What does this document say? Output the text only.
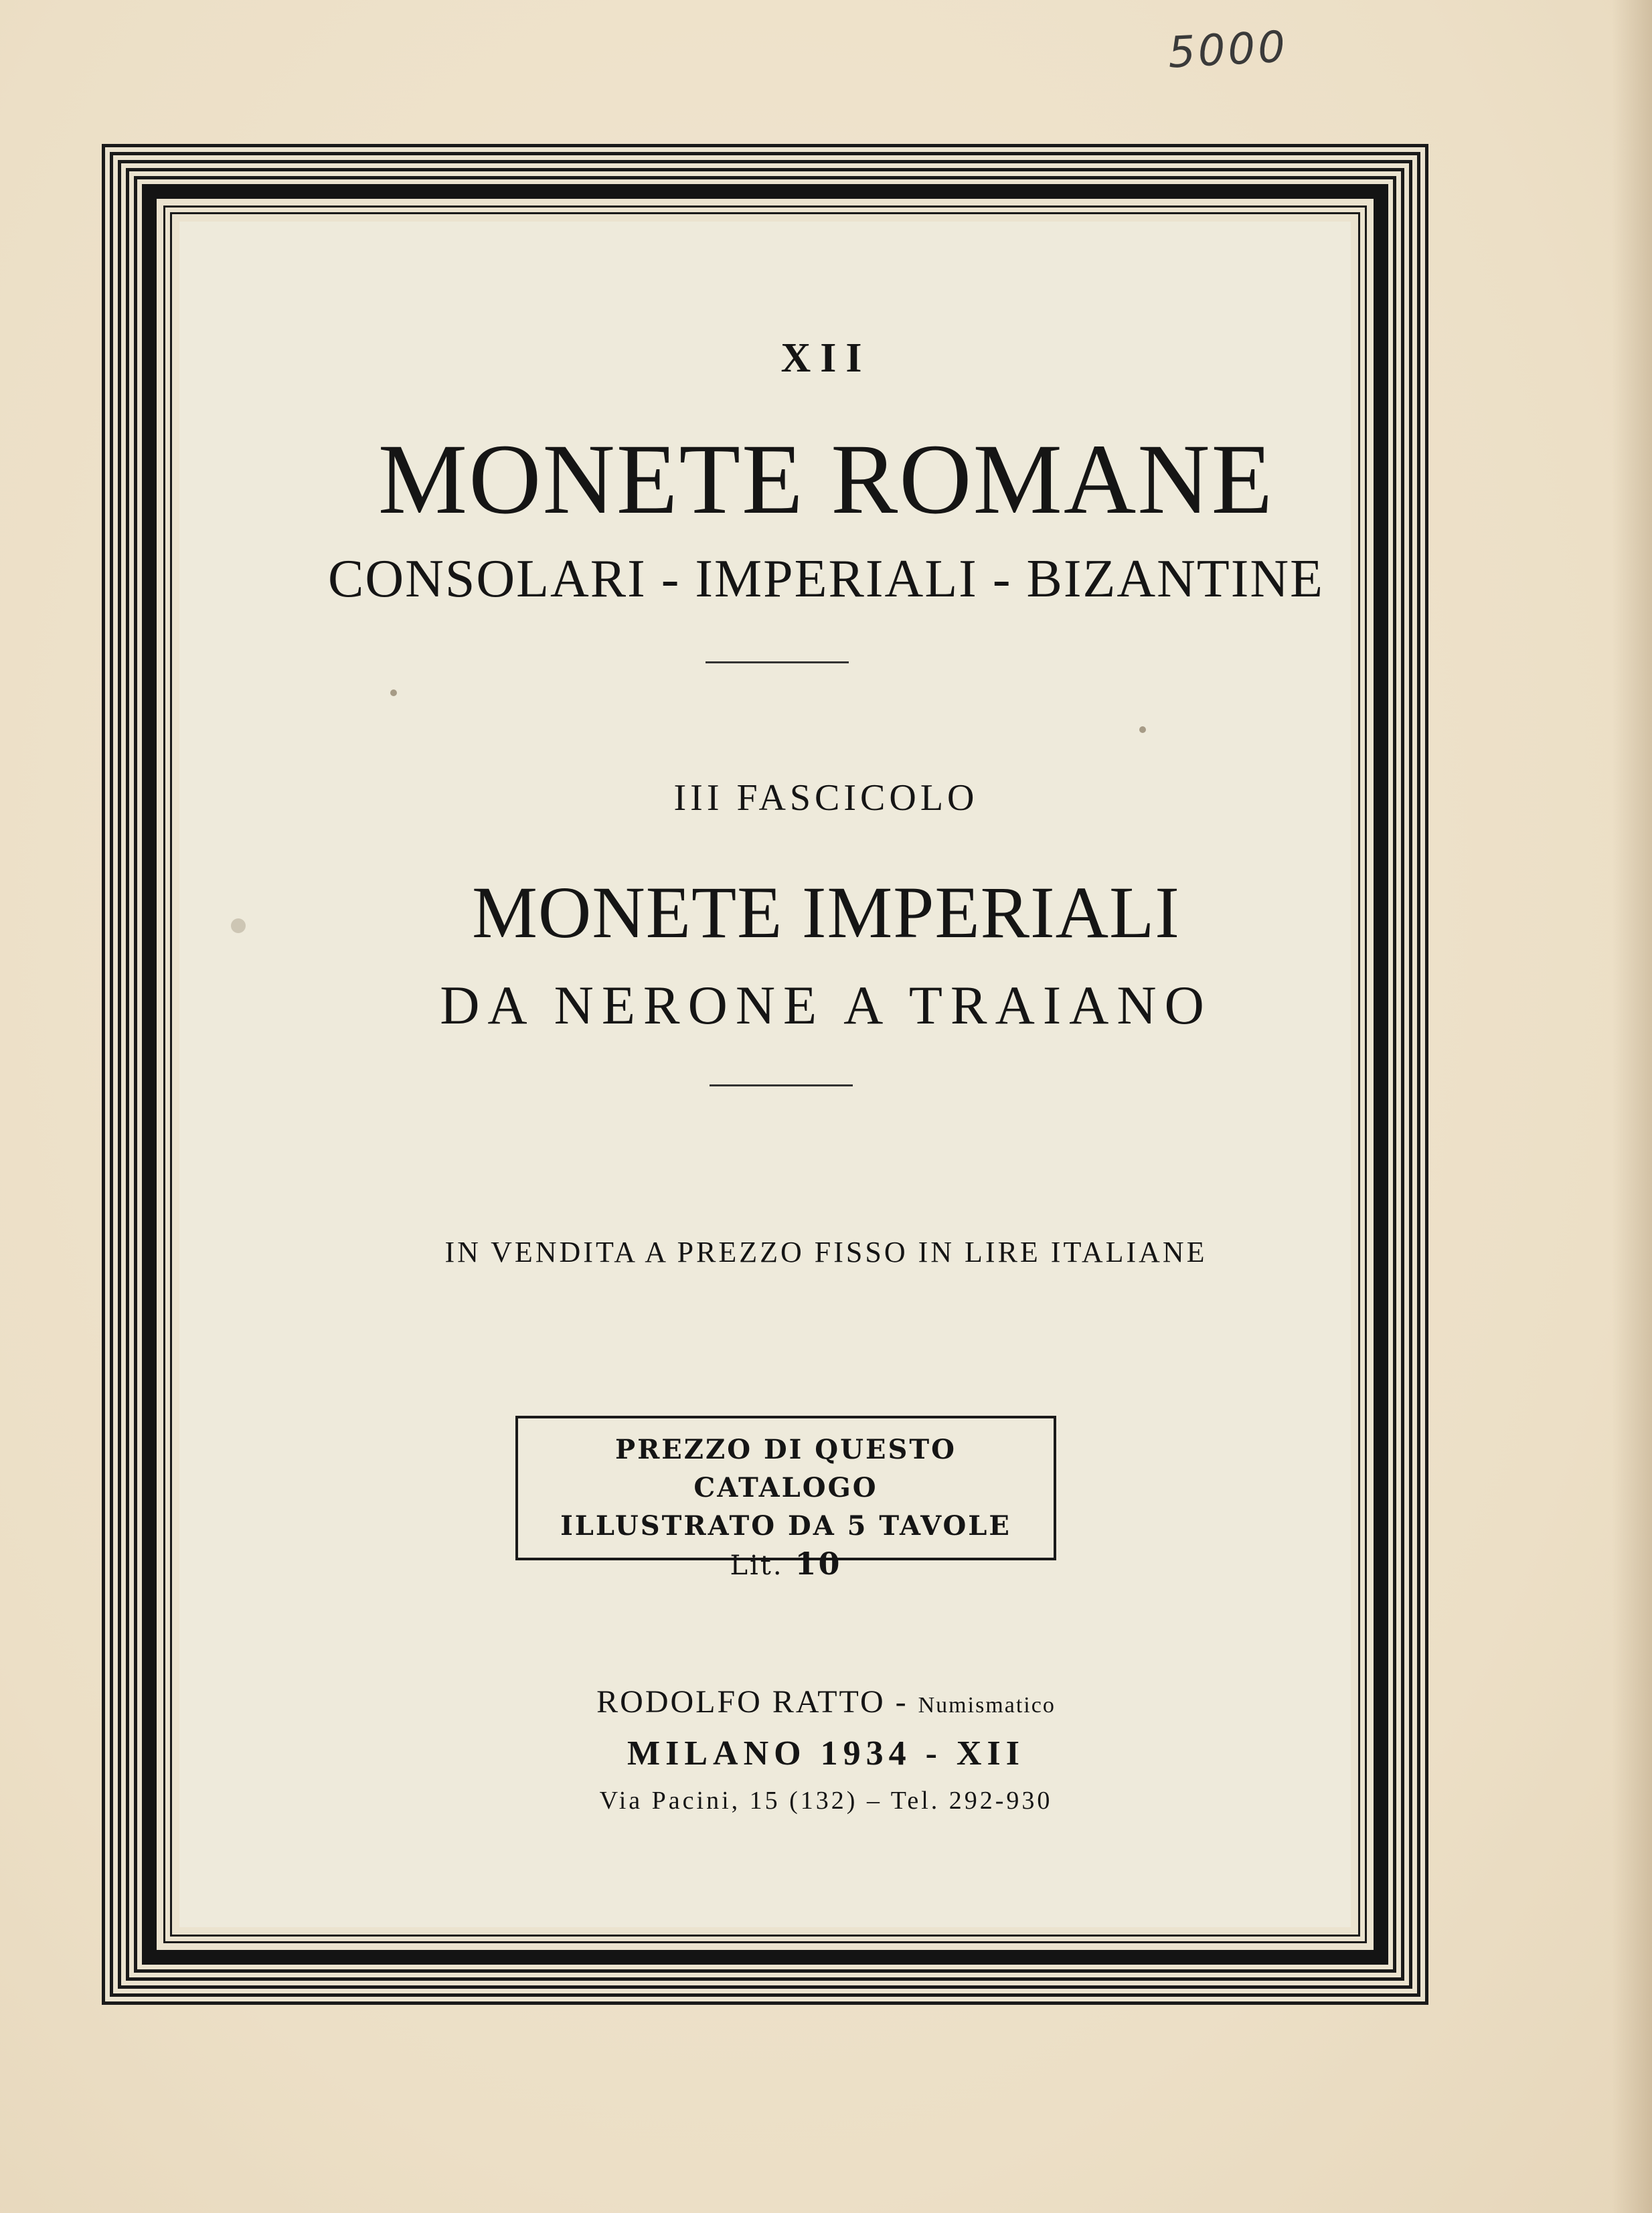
5000
XII
MONETE ROMANE
CONSOLARI - IMPERIALI - BIZANTINE
III FASCICOLO
MONETE IMPERIALI
DA NERONE A TRAIANO
IN VENDITA A PREZZO FISSO IN LIRE ITALIANE
PREZZO DI QUESTO CATALOGO
ILLUSTRATO DA 5 TAVOLE
Lit. 10
RODOLFO RATTO - Numismatico
MILANO 1934 - XII
Via Pacini, 15 (132) – Tel. 292-930
